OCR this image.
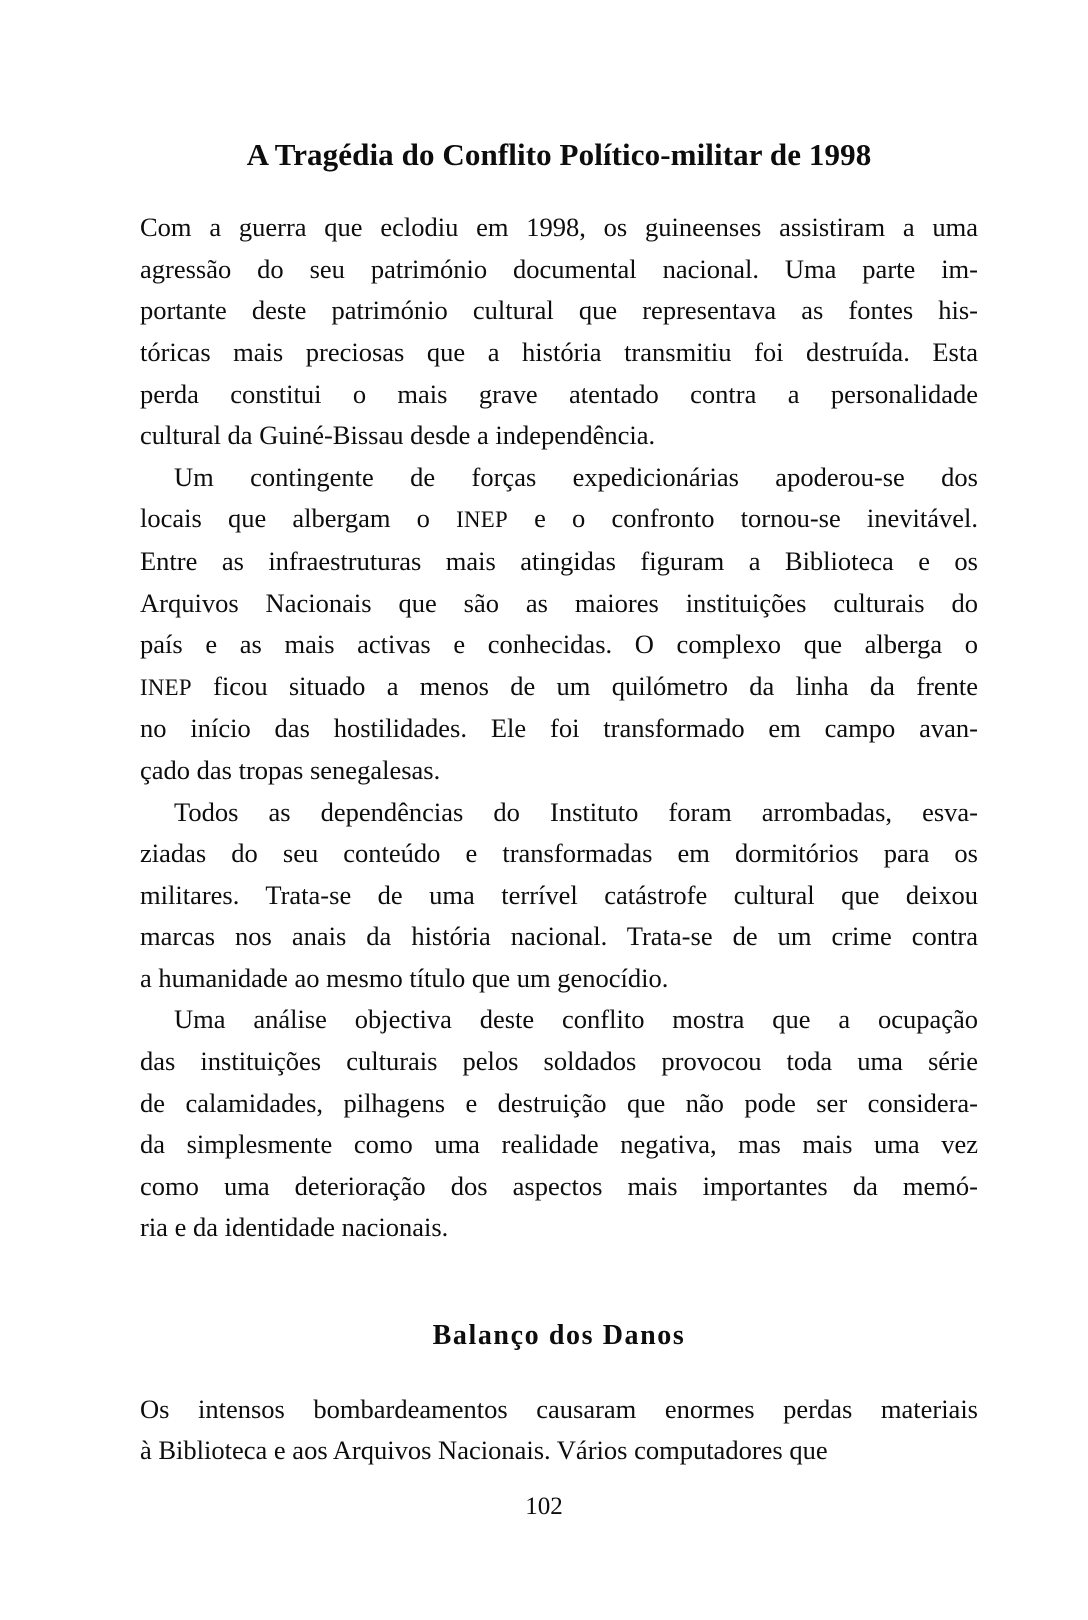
A Tragédia do Conflito Político-militar de 1998

Com a guerra que eclodiu em 1998, os guineenses assistiram a uma
agressão do seu património documental nacional. Uma parte im-
portante deste património cultural que representava as fontes his-
tóricas mais preciosas que a história transmitiu foi destruída. Esta
perda constitui o mais grave atentado contra a personalidade
cultural da Guiné-Bissau desde a independência.

Um contingente de forças expedicionárias apoderou-se dos
locais que albergam o INEP e o confronto tornou-se inevitável.
Entre as infraestruturas mais atingidas figuram a Biblioteca e os
Arquivos Nacionais que são as maiores instituições culturais do
país e as mais activas e conhecidas. O complexo que alberga o
INEP ficou situado a menos de um quilómetro da linha da frente
no início das hostilidades. Ele foi transformado em campo avan-
çado das tropas senegalesas.

Todos as dependências do Instituto foram arrombadas, esva-
ziadas do seu conteúdo e transformadas em dormitórios para os
militares. Trata-se de uma terrível catástrofe cultural que deixou
marcas nos anais da história nacional. Trata-se de um crime contra
a humanidade ao mesmo título que um genocídio.

Uma análise objectiva deste conflito mostra que a ocupação
das instituições culturais pelos soldados provocou toda uma série
de calamidades, pilhagens e destruição que não pode ser considera-
da simplesmente como uma realidade negativa, mas mais uma vez
como uma deterioração dos aspectos mais importantes da memó-
ria e da identidade nacionais.

Balanço dos Danos

Os intensos bombardeamentos causaram enormes perdas materiais
à Biblioteca e aos Arquivos Nacionais. Vários computadores que

102
